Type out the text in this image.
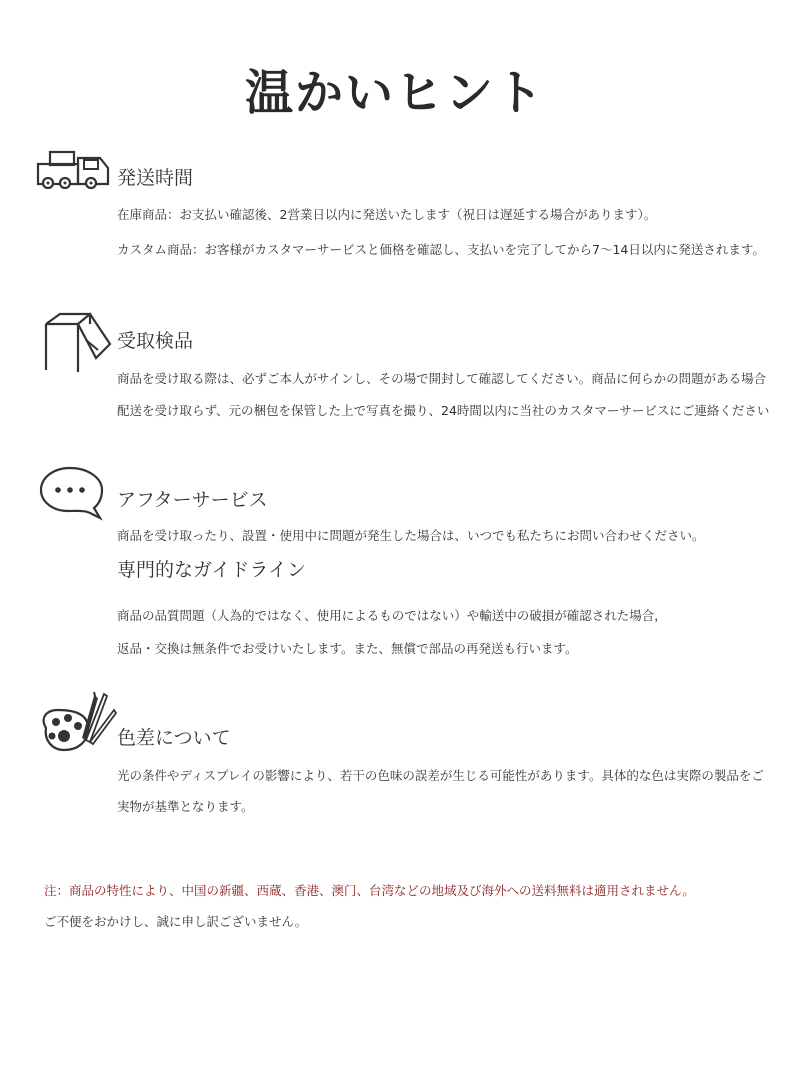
温かいヒント
発送時間
在庫商品：お支払い確認後、2営業日以内に発送いたします（祝日は遅延する場合があります）。
カスタム商品：お客様がカスタマーサービスと価格を確認し、支払いを完了してから7～14日以内に発送されます。
受取検品
商品を受け取る際は、必ずご本人がサインし、その場で開封して確認してください。商品に何らかの問題がある場合
配送を受け取らず、元の梱包を保管した上で写真を撮り、24時間以内に当社のカスタマーサービスにご連絡ください
アフターサービス
商品を受け取ったり、設置・使用中に問題が発生した場合は、いつでも私たちにお問い合わせください。
専門的なガイドライン
商品の品質問題（人為的ではなく、使用によるものではない）や輸送中の破損が確認された場合，
返品・交換は無条件でお受けいたします。また、無償で部品の再発送も行います。
色差について
光の条件やディスプレイの影響により、若干の色味の誤差が生じる可能性があります。具体的な色は実際の製品をご
実物が基準となります。
注：商品の特性により、中国の新疆、西蔵、香港、澳门、台湾などの地域及び海外への送料無料は適用されません。
ご不便をおかけし、誠に申し訳ございません。
